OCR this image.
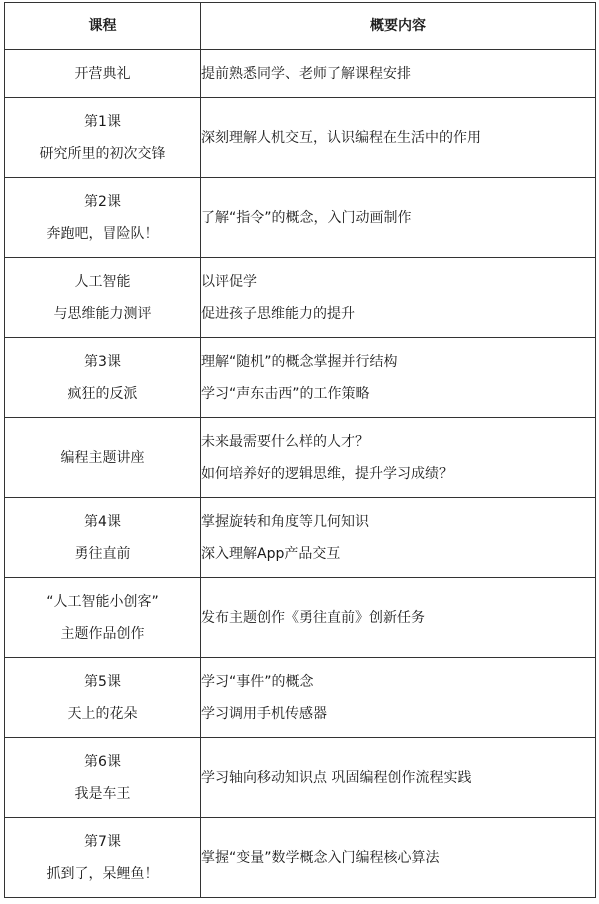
课程	概要内容

开营典礼	提前熟悉同学、老师了解课程安排

第1课
研究所里的初次交锋	深刻理解人机交互，认识编程在生活中的作用

第2课
奔跑吧，冒险队！	了解“指令”的概念，入门动画制作

人工智能
与思维能力测评	以评促学
促进孩子思维能力的提升

第3课
疯狂的反派	理解“随机”的概念掌握并行结构
学习“声东击西”的工作策略

编程主题讲座	未来最需要什么样的人才？
如何培养好的逻辑思维，提升学习成绩？

第4课
勇往直前	掌握旋转和角度等几何知识
深入理解App产品交互

“人工智能小创客”
主题作品创作	发布主题创作《勇往直前》创新任务

第5课
天上的花朵	学习“事件”的概念
学习调用手机传感器

第6课
我是车王	学习轴向移动知识点 巩固编程创作流程实践

第7课
抓到了，呆鲤鱼！	掌握“变量”数学概念入门编程核心算法
